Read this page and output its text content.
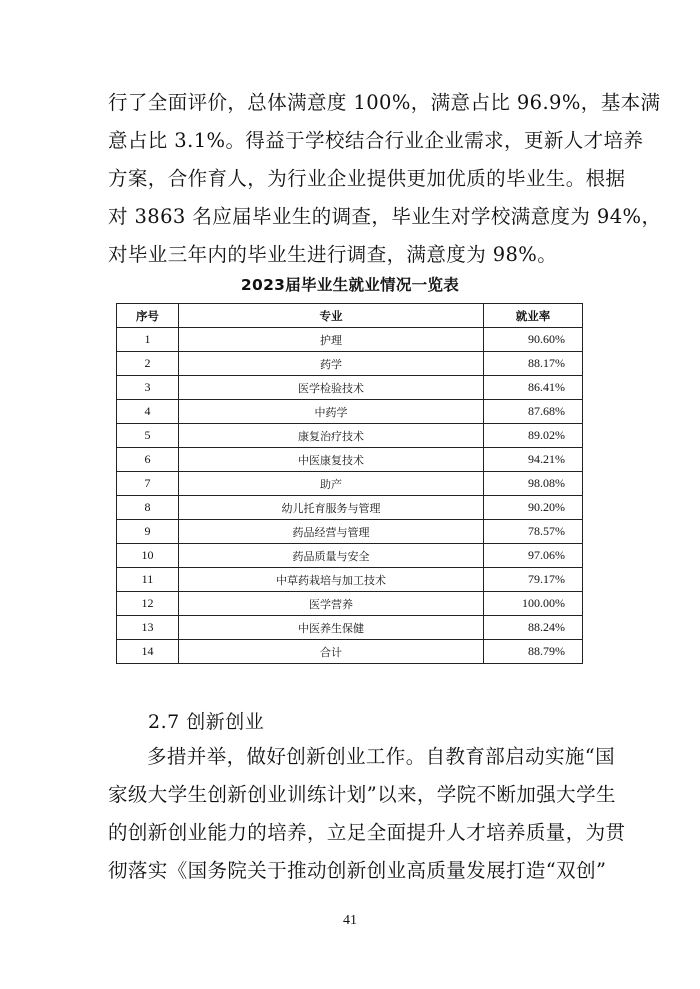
行了全面评价，总体满意度 100%，满意占比 96.9%，基本满
意占比 3.1%。得益于学校结合行业企业需求，更新人才培养
方案，合作育人，为行业企业提供更加优质的毕业生。根据
对 3863 名应届毕业生的调查，毕业生对学校满意度为 94%，
对毕业三年内的毕业生进行调查，满意度为 98%。

2023届毕业生就业情况一览表

序号	专业	就业率
1	护理	90.60%
2	药学	88.17%
3	医学检验技术	86.41%
4	中药学	87.68%
5	康复治疗技术	89.02%
6	中医康复技术	94.21%
7	助产	98.08%
8	幼儿托育服务与管理	90.20%
9	药品经营与管理	78.57%
10	药品质量与安全	97.06%
11	中草药栽培与加工技术	79.17%
12	医学营养	100.00%
13	中医养生保健	88.24%
14	合计	88.79%

2.7 创新创业

多措并举，做好创新创业工作。自教育部启动实施“国
家级大学生创新创业训练计划”以来，学院不断加强大学生
的创新创业能力的培养，立足全面提升人才培养质量，为贯
彻落实《国务院关于推动创新创业高质量发展打造“双创”

41
